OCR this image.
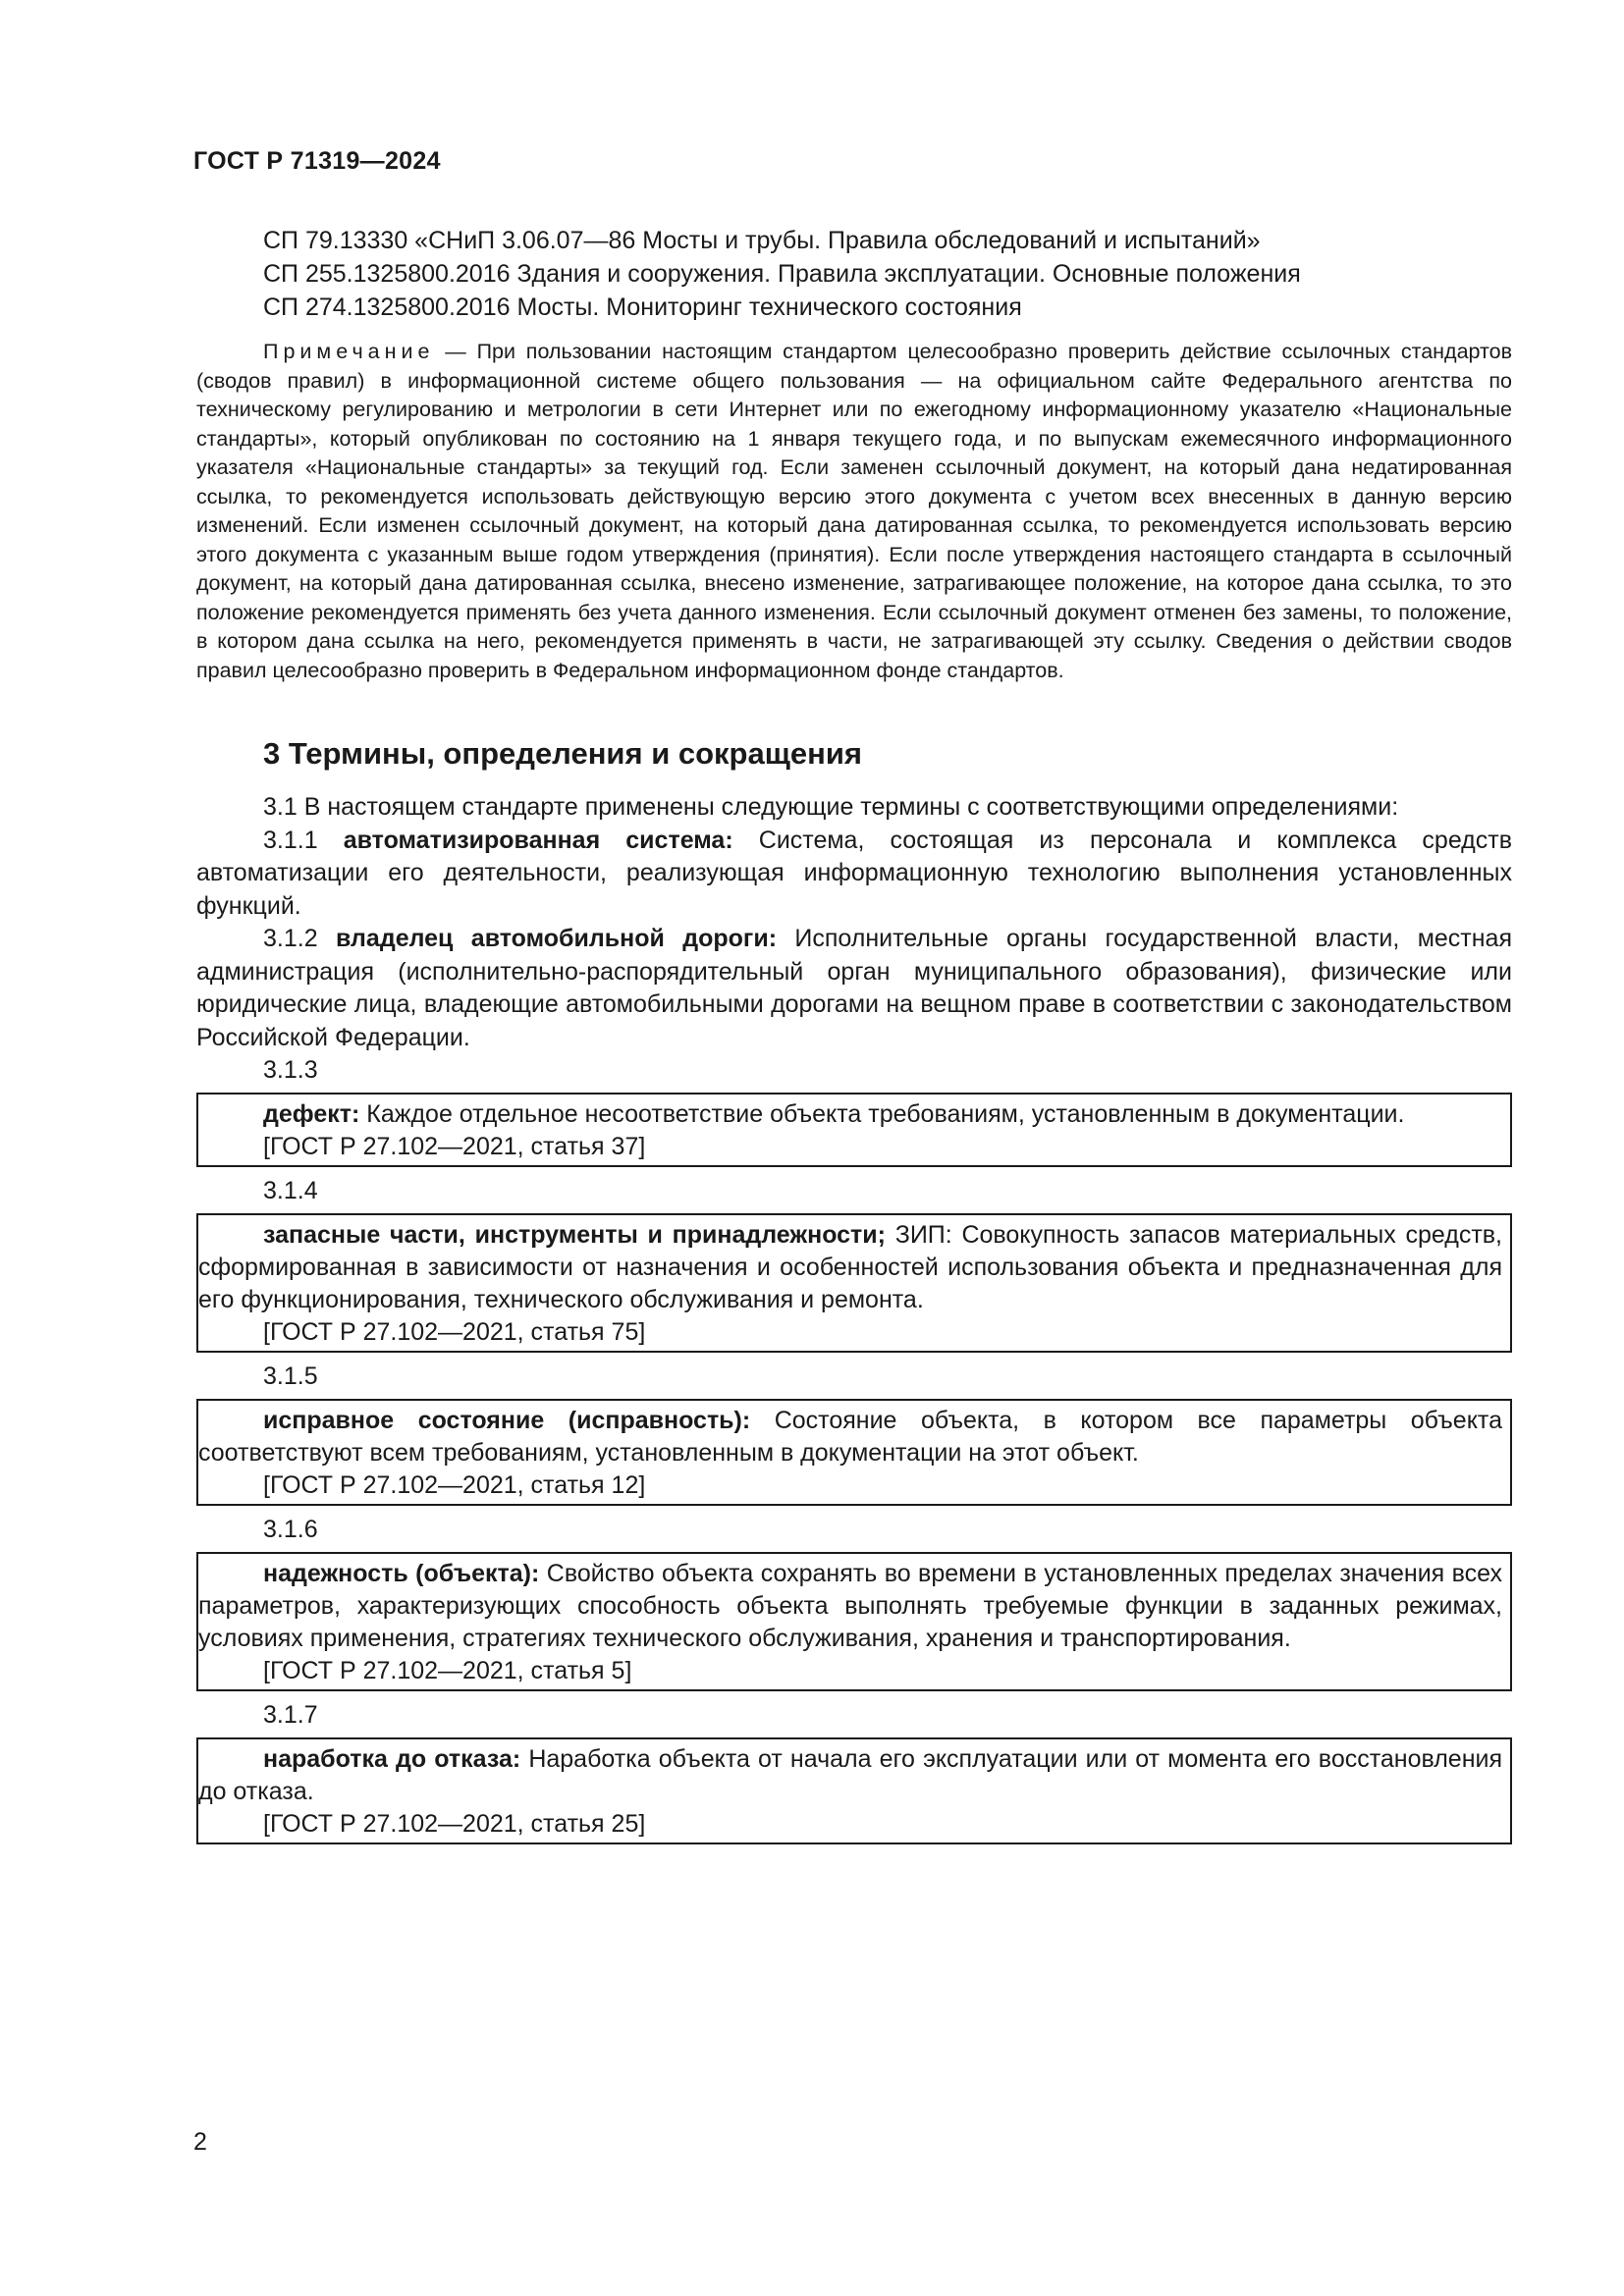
ГОСТ Р 71319—2024
СП 79.13330 «СНиП 3.06.07—86 Мосты и трубы. Правила обследований и испытаний»
СП 255.1325800.2016 Здания и сооружения. Правила эксплуатации. Основные положения
СП 274.1325800.2016 Мосты. Мониторинг технического состояния
Примечание — При пользовании настоящим стандартом целесообразно проверить действие ссылочных стандартов (сводов правил) в информационной системе общего пользования — на официальном сайте Федерального агентства по техническому регулированию и метрологии в сети Интернет или по ежегодному информационному указателю «Национальные стандарты», который опубликован по состоянию на 1 января текущего года, и по выпускам ежемесячного информационного указателя «Национальные стандарты» за текущий год. Если заменен ссылочный документ, на который дана недатированная ссылка, то рекомендуется использовать действующую версию этого документа с учетом всех внесенных в данную версию изменений. Если изменен ссылочный документ, на который дана датированная ссылка, то рекомендуется использовать версию этого документа с указанным выше годом утверждения (принятия). Если после утверждения настоящего стандарта в ссылочный документ, на который дана датированная ссылка, внесено изменение, затрагивающее положение, на которое дана ссылка, то это положение рекомендуется применять без учета данного изменения. Если ссылочный документ отменен без замены, то положение, в котором дана ссылка на него, рекомендуется применять в части, не затрагивающей эту ссылку. Сведения о действии сводов правил целесообразно проверить в Федеральном информационном фонде стандартов.
3 Термины, определения и сокращения
3.1 В настоящем стандарте применены следующие термины с соответствующими определениями:
3.1.1 автоматизированная система: Система, состоящая из персонала и комплекса средств автоматизации его деятельности, реализующая информационную технологию выполнения установленных функций.
3.1.2 владелец автомобильной дороги: Исполнительные органы государственной власти, местная администрация (исполнительно-распорядительный орган муниципального образования), физические или юридические лица, владеющие автомобильными дорогами на вещном праве в соответствии с законодательством Российской Федерации.
3.1.3
дефект: Каждое отдельное несоответствие объекта требованиям, установленным в документации.
[ГОСТ Р 27.102—2021, статья 37]
3.1.4
запасные части, инструменты и принадлежности; ЗИП: Совокупность запасов материальных средств, сформированная в зависимости от назначения и особенностей использования объекта и предназначенная для его функционирования, технического обслуживания и ремонта.
[ГОСТ Р 27.102—2021, статья 75]
3.1.5
исправное состояние (исправность): Состояние объекта, в котором все параметры объекта соответствуют всем требованиям, установленным в документации на этот объект.
[ГОСТ Р 27.102—2021, статья 12]
3.1.6
надежность (объекта): Свойство объекта сохранять во времени в установленных пределах значения всех параметров, характеризующих способность объекта выполнять требуемые функции в заданных режимах, условиях применения, стратегиях технического обслуживания, хранения и транспортирования.
[ГОСТ Р 27.102—2021, статья 5]
3.1.7
наработка до отказа: Наработка объекта от начала его эксплуатации или от момента его восстановления до отказа.
[ГОСТ Р 27.102—2021, статья 25]
2
